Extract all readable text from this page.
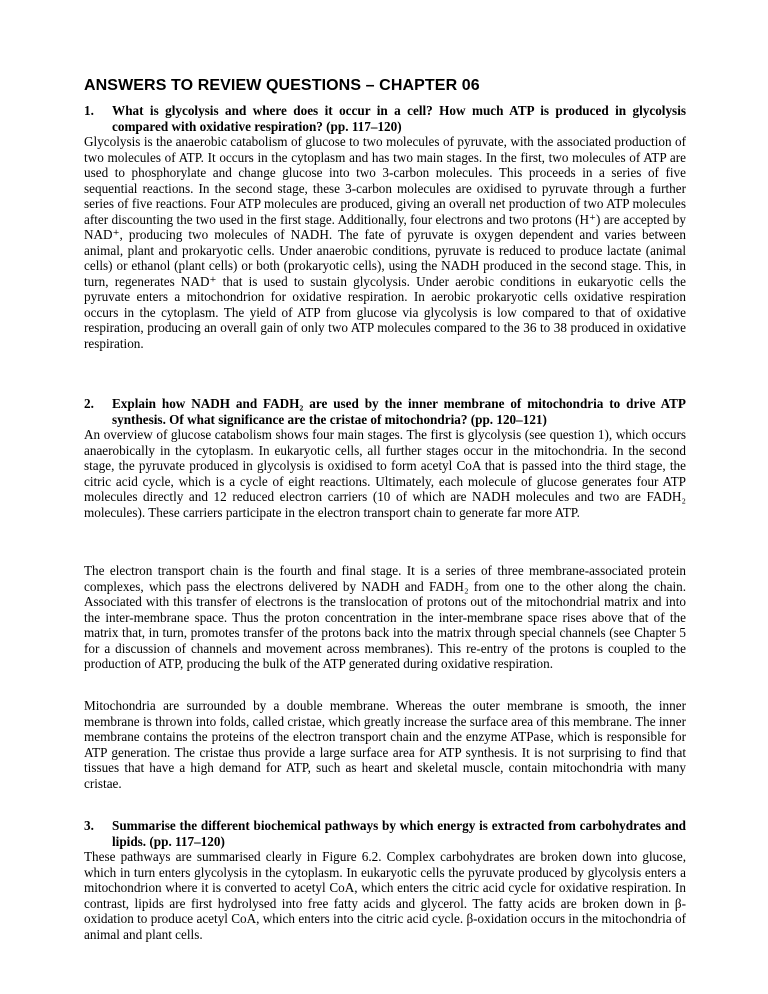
ANSWERS TO REVIEW QUESTIONS – CHAPTER 06
1.	What is glycolysis and where does it occur in a cell? How much ATP is produced in glycolysis compared with oxidative respiration? (pp. 117–120)

Glycolysis is the anaerobic catabolism of glucose to two molecules of pyruvate, with the associated production of two molecules of ATP. It occurs in the cytoplasm and has two main stages. In the first, two molecules of ATP are used to phosphorylate and change glucose into two 3-carbon molecules. This proceeds in a series of five sequential reactions. In the second stage, these 3-carbon molecules are oxidised to pyruvate through a further series of five reactions. Four ATP molecules are produced, giving an overall net production of two ATP molecules after discounting the two used in the first stage. Additionally, four electrons and two protons (H⁺) are accepted by NAD⁺, producing two molecules of NADH. The fate of pyruvate is oxygen dependent and varies between animal, plant and prokaryotic cells. Under anaerobic conditions, pyruvate is reduced to produce lactate (animal cells) or ethanol (plant cells) or both (prokaryotic cells), using the NADH produced in the second stage. This, in turn, regenerates NAD⁺ that is used to sustain glycolysis. Under aerobic conditions in eukaryotic cells the pyruvate enters a mitochondrion for oxidative respiration. In aerobic prokaryotic cells oxidative respiration occurs in the cytoplasm. The yield of ATP from glucose via glycolysis is low compared to that of oxidative respiration, producing an overall gain of only two ATP molecules compared to the 36 to 38 produced in oxidative respiration.

2.	Explain how NADH and FADH₂ are used by the inner membrane of mitochondria to drive ATP synthesis. Of what significance are the cristae of mitochondria? (pp. 120–121)

An overview of glucose catabolism shows four main stages. The first is glycolysis (see question 1), which occurs anaerobically in the cytoplasm. In eukaryotic cells, all further stages occur in the mitochondria. In the second stage, the pyruvate produced in glycolysis is oxidised to form acetyl CoA that is passed into the third stage, the citric acid cycle, which is a cycle of eight reactions. Ultimately, each molecule of glucose generates four ATP molecules directly and 12 reduced electron carriers (10 of which are NADH molecules and two are FADH₂ molecules). These carriers participate in the electron transport chain to generate far more ATP.

The electron transport chain is the fourth and final stage. It is a series of three membrane-associated protein complexes, which pass the electrons delivered by NADH and FADH₂ from one to the other along the chain. Associated with this transfer of electrons is the translocation of protons out of the mitochondrial matrix and into the inter-membrane space. Thus the proton concentration in the inter-membrane space rises above that of the matrix that, in turn, promotes transfer of the protons back into the matrix through special channels (see Chapter 5 for a discussion of channels and movement across membranes). This re-entry of the protons is coupled to the production of ATP, producing the bulk of the ATP generated during oxidative respiration.

Mitochondria are surrounded by a double membrane. Whereas the outer membrane is smooth, the inner membrane is thrown into folds, called cristae, which greatly increase the surface area of this membrane. The inner membrane contains the proteins of the electron transport chain and the enzyme ATPase, which is responsible for ATP generation. The cristae thus provide a large surface area for ATP synthesis. It is not surprising to find that tissues that have a high demand for ATP, such as heart and skeletal muscle, contain mitochondria with many cristae.

3.	Summarise the different biochemical pathways by which energy is extracted from carbohydrates and lipids. (pp. 117–120)

These pathways are summarised clearly in Figure 6.2. Complex carbohydrates are broken down into glucose, which in turn enters glycolysis in the cytoplasm. In eukaryotic cells the pyruvate produced by glycolysis enters a mitochondrion where it is converted to acetyl CoA, which enters the citric acid cycle for oxidative respiration. In contrast, lipids are first hydrolysed into free fatty acids and glycerol. The fatty acids are broken down in β-oxidation to produce acetyl CoA, which enters into the citric acid cycle. β-oxidation occurs in the mitochondria of animal and plant cells.
